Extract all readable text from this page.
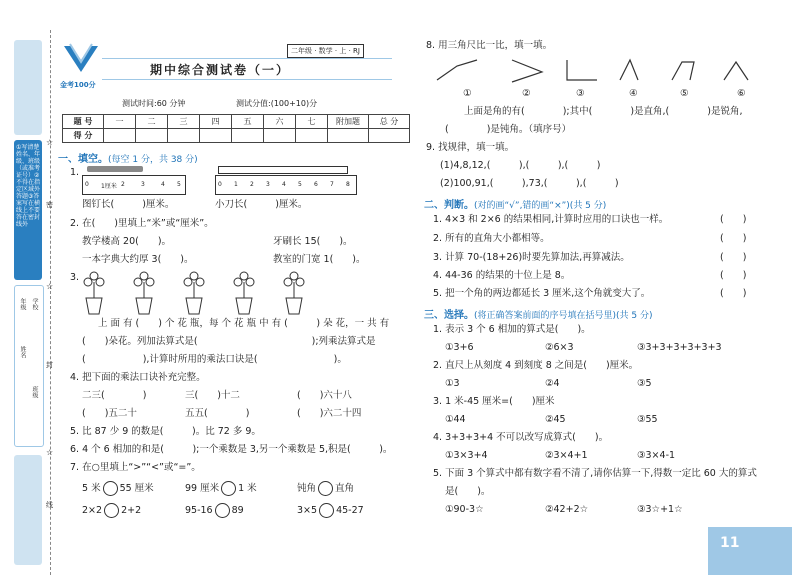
①写清楚姓名、年级、班级（或准考证号）②不得在指定区域外答题③答案写在横线上不要答在密封线外
年级
姓名
学校
班级
☆
☆
☆
密
封
线
金考100分
期中综合测试卷（一）
二年级 · 数学 · 上 · RJ
测试时间:60 分钟	测试分值:(100+10)分
题 号	一	二	三	四	五	六	七	附加题	总 分
得 分									
一、填空。(每空 1 分，共 38 分)
1.
0 1厘米 2	3	4 5	0 1 2 3 4 5 6 7 8
图钉长(	)厘米。	小刀长(	)厘米。
2. 在(　　)里填上“米”或“厘米”。
教学楼高 20(　　)。	牙刷长 15(　　)。
一本字典大约厚 3(　　)。	教室的门宽 1(　　)。
3.
上 面 有 (　　) 个 花 瓶，每 个 花 瓶 中 有 (　　　) 朵 花，一 共 有
(　　)朵花。列加法算式是(　　　　　　　　　　　　);列乘法算式是
(　　　　　　),计算时所用的乘法口诀是(　　　　　　　　)。
4. 把下面的乘法口诀补充完整。
二三(　　　　)	三(　　)十二	(　　)六十八
(　　)五二十	五五(　　　　)	(　　)六二十四
5. 比 87 少 9 的数是(　　　)。比 72 多 9。
6. 4 个 6 相加的和是(　　　);一个乘数是 3,另一个乘数是 5,积是(　　　)。
7. 在○里填上“>”“<”或“=”。
5 米 55 厘米	99 厘米 1 米	钝角 直角
2×2 2+2	95-16 89	3×5 45-27
8. 用三角尺比一比，填一填。
①	②	③	④	⑤	⑥
上面是角的有(　　　　);其中(　　　　)是直角,(　　　　)是锐角,
(　　　　)是钝角。（填序号）
9. 找规律，填一填。
(1)4,8,12,(　　　),(　　　),(　　　)
(2)100,91,(　　　),73,(　　　),(　　　)
二、判断。(对的画“√”,错的画“×”)(共 5 分)
1. 4×3 和 2×6 的结果相同,计算时应用的口诀也一样。	(　　)
2. 所有的直角大小都相等。	(　　)
3. 计算 70-(18+26)时要先算加法,再算减法。	(　　)
4. 44-36 的结果的十位上是 8。	(　　)
5. 把一个角的两边都延长 3 厘米,这个角就变大了。	(　　)
三、选择。(将正确答案前面的序号填在括号里)(共 5 分)
1. 表示 3 个 6 相加的算式是(　　)。
①3+6	②6×3	③3+3+3+3+3+3
2. 直尺上从刻度 4 到刻度 8 之间是(　　)厘米。
①3	②4	③5
3. 1 米-45 厘米=(　　)厘米
①44	②45	③55
4. 3+3+3+4 不可以改写成算式(　　)。
①3×3+4	②3×4+1	③3×4-1
5. 下面 3 个算式中都有数字看不清了,请你估算一下,得数一定比 60 大的算式
是(　　)。
①90-3☆	②42+2☆	③3☆+1☆
11
